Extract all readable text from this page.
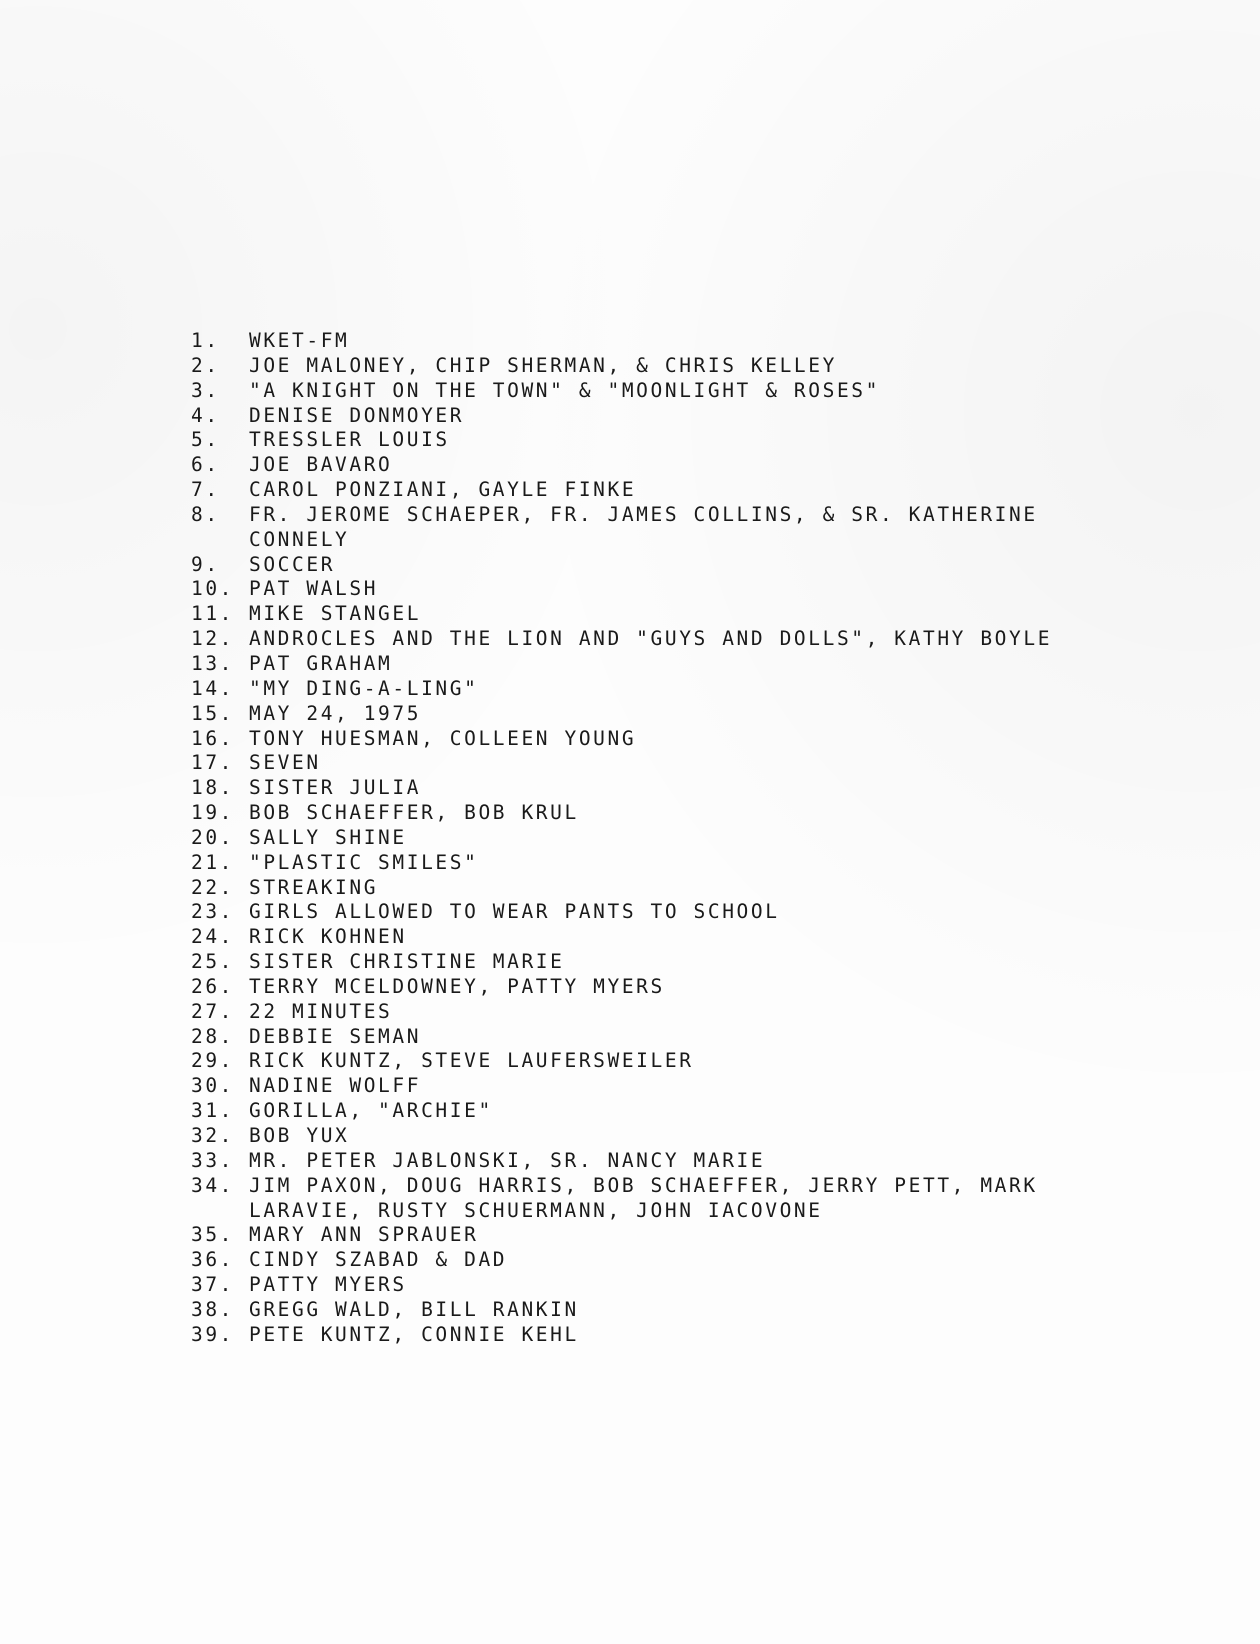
1.	WKET-FM
2.	JOE MALONEY, CHIP SHERMAN, & CHRIS KELLEY
3.	"A KNIGHT ON THE TOWN" & "MOONLIGHT & ROSES"
4.	DENISE DONMOYER
5.	TRESSLER LOUIS
6.	JOE BAVARO
7.	CAROL PONZIANI, GAYLE FINKE
8.	FR. JEROME SCHAEPER, FR. JAMES COLLINS, & SR. KATHERINE
CONNELY
9.	SOCCER
10. PAT WALSH
11. MIKE STANGEL
12. ANDROCLES AND THE LION AND "GUYS AND DOLLS", KATHY BOYLE
13. PAT GRAHAM
14. "MY DING-A-LING"
15. MAY 24, 1975
16. TONY HUESMAN, COLLEEN YOUNG
17. SEVEN
18. SISTER JULIA
19. BOB SCHAEFFER, BOB KRUL
20. SALLY SHINE
21. "PLASTIC SMILES"
22. STREAKING
23. GIRLS ALLOWED TO WEAR PANTS TO SCHOOL
24. RICK KOHNEN
25. SISTER CHRISTINE MARIE
26. TERRY MCELDOWNEY, PATTY MYERS
27. 22 MINUTES
28. DEBBIE SEMAN
29. RICK KUNTZ, STEVE LAUFERSWEILER
30. NADINE WOLFF
31. GORILLA, "ARCHIE"
32. BOB YUX
33. MR. PETER JABLONSKI, SR. NANCY MARIE
34. JIM PAXON, DOUG HARRIS, BOB SCHAEFFER, JERRY PETT, MARK
LARAVIE, RUSTY SCHUERMANN, JOHN IACOVONE
35. MARY ANN SPRAUER
36. CINDY SZABAD & DAD
37. PATTY MYERS
38. GREGG WALD, BILL RANKIN
39. PETE KUNTZ, CONNIE KEHL
